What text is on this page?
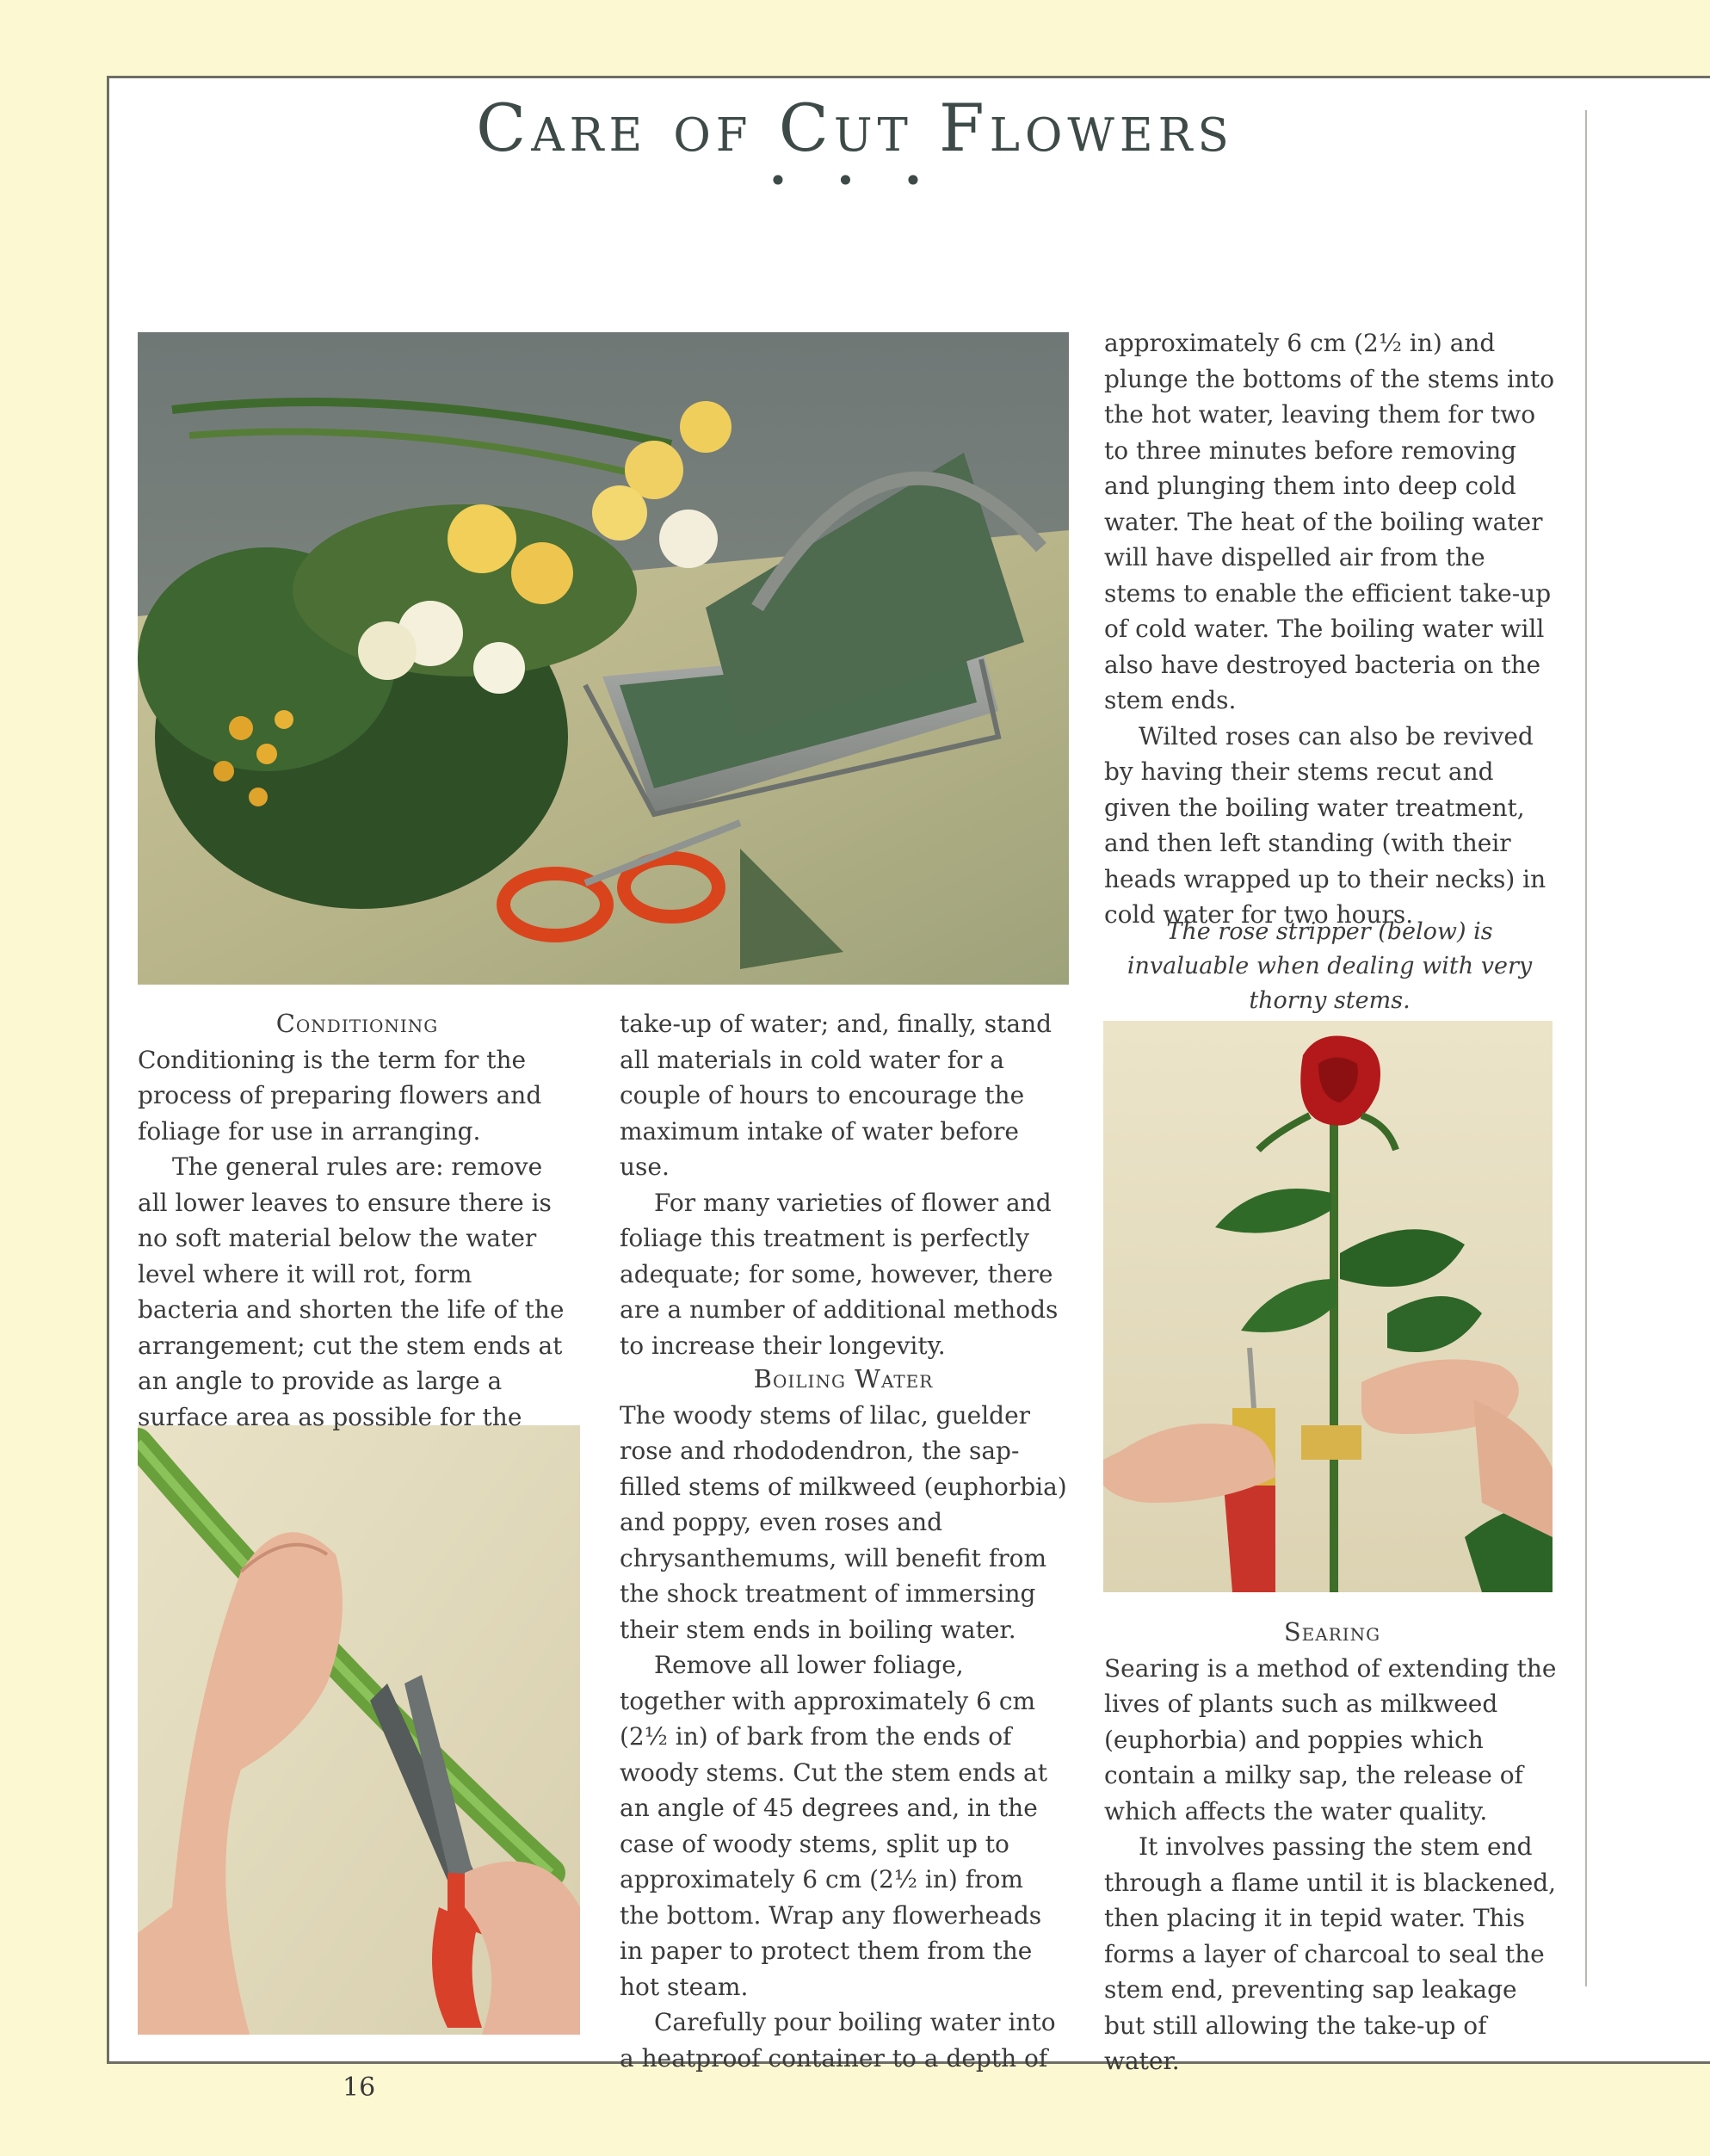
Care of Cut Flowers
• • •

approximately 6 cm (2½ in) and plunge the bottoms of the stems into the hot water, leaving them for two to three minutes before removing and plunging them into deep cold water. The heat of the boiling water will have dispelled air from the stems to enable the efficient take-up of cold water. The boiling water will also have destroyed bacteria on the stem ends.

Wilted roses can also be revived by having their stems recut and given the boiling water treatment, and then left standing (with their heads wrapped up to their necks) in cold water for two hours.

The rose stripper (below) is invaluable when dealing with very thorny stems.
Conditioning

Conditioning is the term for the process of preparing flowers and foliage for use in arranging.

The general rules are: remove all lower leaves to ensure there is no soft material below the water level where it will rot, form bacteria and shorten the life of the arrangement; cut the stem ends at an angle to provide as large a surface area as possible for the

take-up of water; and, finally, stand all materials in cold water for a couple of hours to encourage the maximum intake of water before use.

For many varieties of flower and foliage this treatment is perfectly adequate; for some, however, there are a number of additional methods to increase their longevity.

Boiling Water

The woody stems of lilac, guelder rose and rhododendron, the sap-filled stems of milkweed (euphorbia) and poppy, even roses and chrysanthemums, will benefit from the shock treatment of immersing their stem ends in boiling water.

Remove all lower foliage, together with approximately 6 cm (2½ in) of bark from the ends of woody stems. Cut the stem ends at an angle of 45 degrees and, in the case of woody stems, split up to approximately 6 cm (2½ in) from the bottom. Wrap any flowerheads in paper to protect them from the hot steam.

Carefully pour boiling water into a heatproof container to a depth of

Searing

Searing is a method of extending the lives of plants such as milkweed (euphorbia) and poppies which contain a milky sap, the release of which affects the water quality.

It involves passing the stem end through a flame until it is blackened, then placing it in tepid water. This forms a layer of charcoal to seal the stem end, preventing sap leakage but still allowing the take-up of water.

16
